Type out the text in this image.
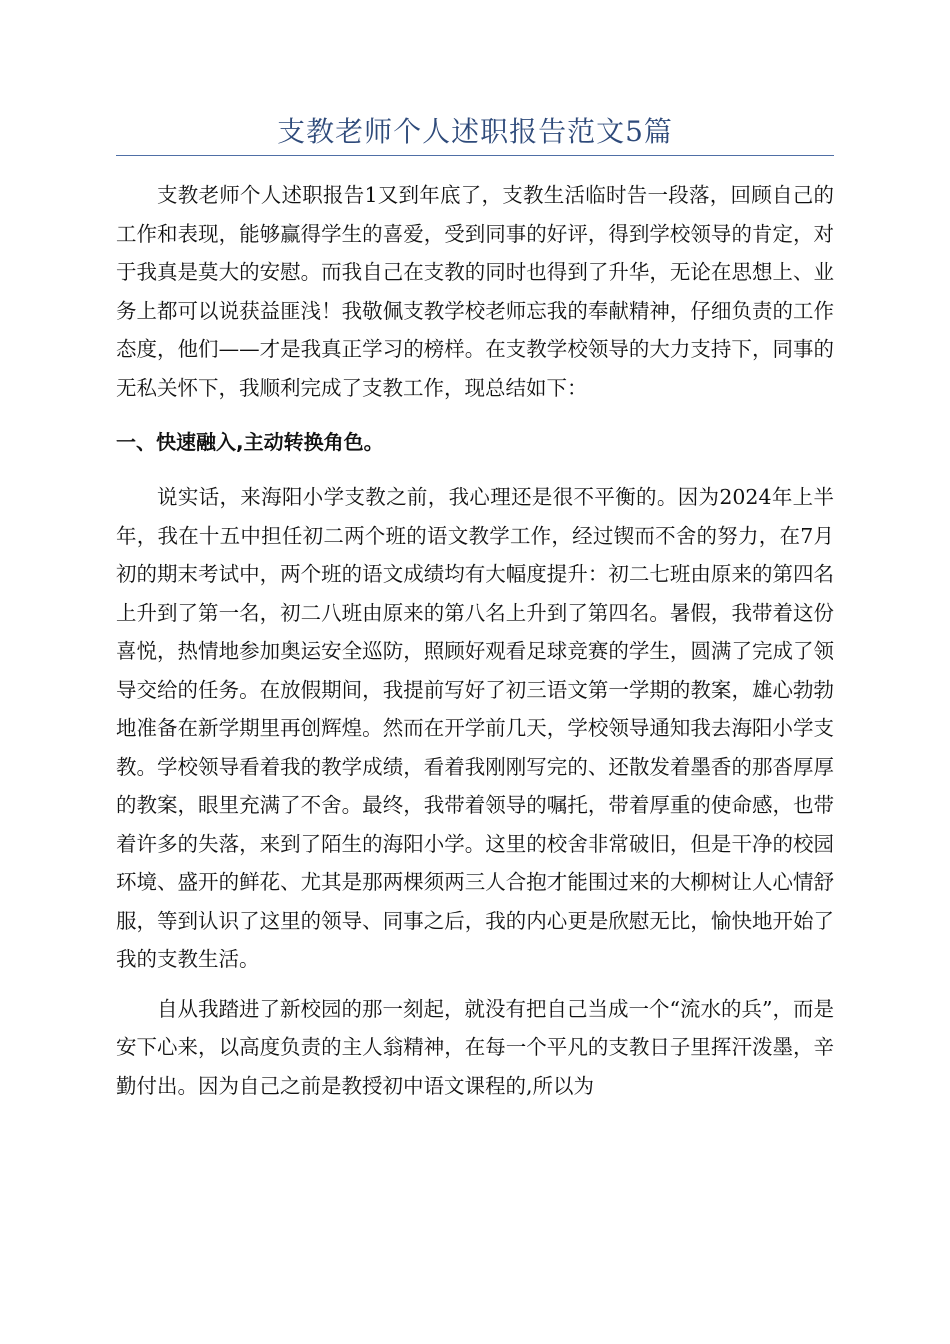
支教老师个人述职报告范文5篇

支教老师个人述职报告1又到年底了，支教生活临时告一段落，回顾自己的工作和表现，能够赢得学生的喜爱，受到同事的好评，得到学校领导的肯定，对于我真是莫大的安慰。而我自己在支教的同时也得到了升华，无论在思想上、业务上都可以说获益匪浅！我敬佩支教学校老师忘我的奉献精神，仔细负责的工作态度，他们——才是我真正学习的榜样。在支教学校领导的大力支持下，同事的无私关怀下，我顺利完成了支教工作，现总结如下：

一、快速融入,主动转换角色。

说实话，来海阳小学支教之前，我心理还是很不平衡的。因为2024年上半年，我在十五中担任初二两个班的语文教学工作，经过锲而不舍的努力，在7月初的期末考试中，两个班的语文成绩均有大幅度提升：初二七班由原来的第四名上升到了第一名，初二八班由原来的第八名上升到了第四名。暑假，我带着这份喜悦，热情地参加奥运安全巡防，照顾好观看足球竞赛的学生，圆满了完成了领导交给的任务。在放假期间，我提前写好了初三语文第一学期的教案，雄心勃勃地准备在新学期里再创辉煌。然而在开学前几天，学校领导通知我去海阳小学支教。学校领导看着我的教学成绩，看着我刚刚写完的、还散发着墨香的那沓厚厚的教案，眼里充满了不舍。最终，我带着领导的嘱托，带着厚重的使命感，也带着许多的失落，来到了陌生的海阳小学。这里的校舍非常破旧，但是干净的校园环境、盛开的鲜花、尤其是那两棵须两三人合抱才能围过来的大柳树让人心情舒服，等到认识了这里的领导、同事之后，我的内心更是欣慰无比，愉快地开始了我的支教生活。

自从我踏进了新校园的那一刻起，就没有把自己当成一个“流水的兵”，而是安下心来，以高度负责的主人翁精神，在每一个平凡的支教日子里挥汗泼墨，辛勤付出。因为自己之前是教授初中语文课程的,所以为
